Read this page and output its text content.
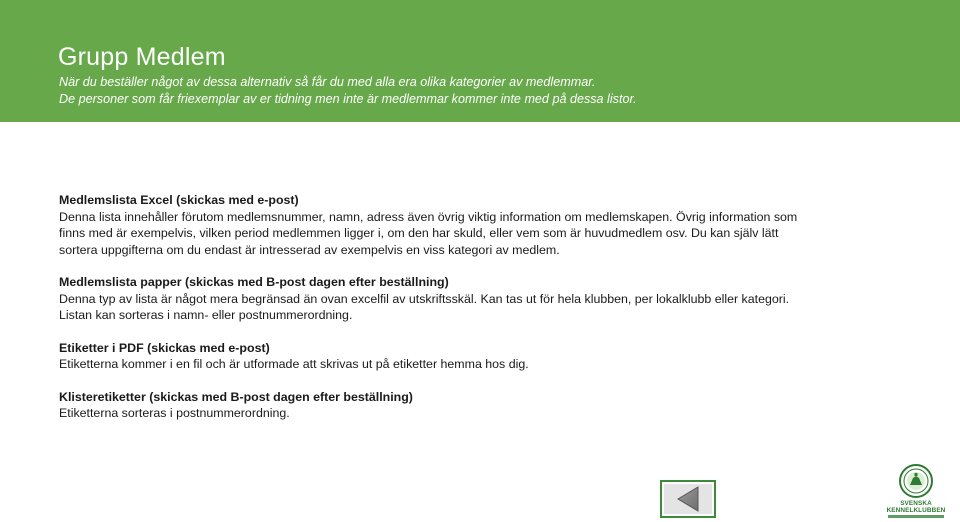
Grupp Medlem

När du beställer något av dessa alternativ så får du med alla era olika kategorier av medlemmar.

De personer som får friexemplar av er tidning men inte är medlemmar kommer inte med på dessa listor.

Medlemslista Excel (skickas med e-post)

Denna lista innehåller förutom medlemsnummer, namn, adress även övrig viktig information om medlemskapen. Övrig information som finns med är exempelvis, vilken period medlemmen ligger i, om den har skuld, eller vem som är huvudmedlem osv. Du kan själv lätt sortera uppgifterna om du endast är intresserad av exempelvis en viss kategori av medlem.

Medlemslista papper (skickas med B-post dagen efter beställning)

Denna typ av lista är något mera begränsad än ovan excelfil av utskriftsskäl. Kan tas ut för hela klubben, per lokalklubb eller kategori. Listan kan sorteras i namn- eller postnummerordning.

Etiketter i PDF (skickas med e-post)

Etiketterna kommer i en fil och är utformade att skrivas ut på etiketter hemma hos dig.

Klisteretiketter (skickas med B-post dagen efter beställning)

Etiketterna sorteras i postnummerordning.

SVENSKA
KENNELKLUBBEN
